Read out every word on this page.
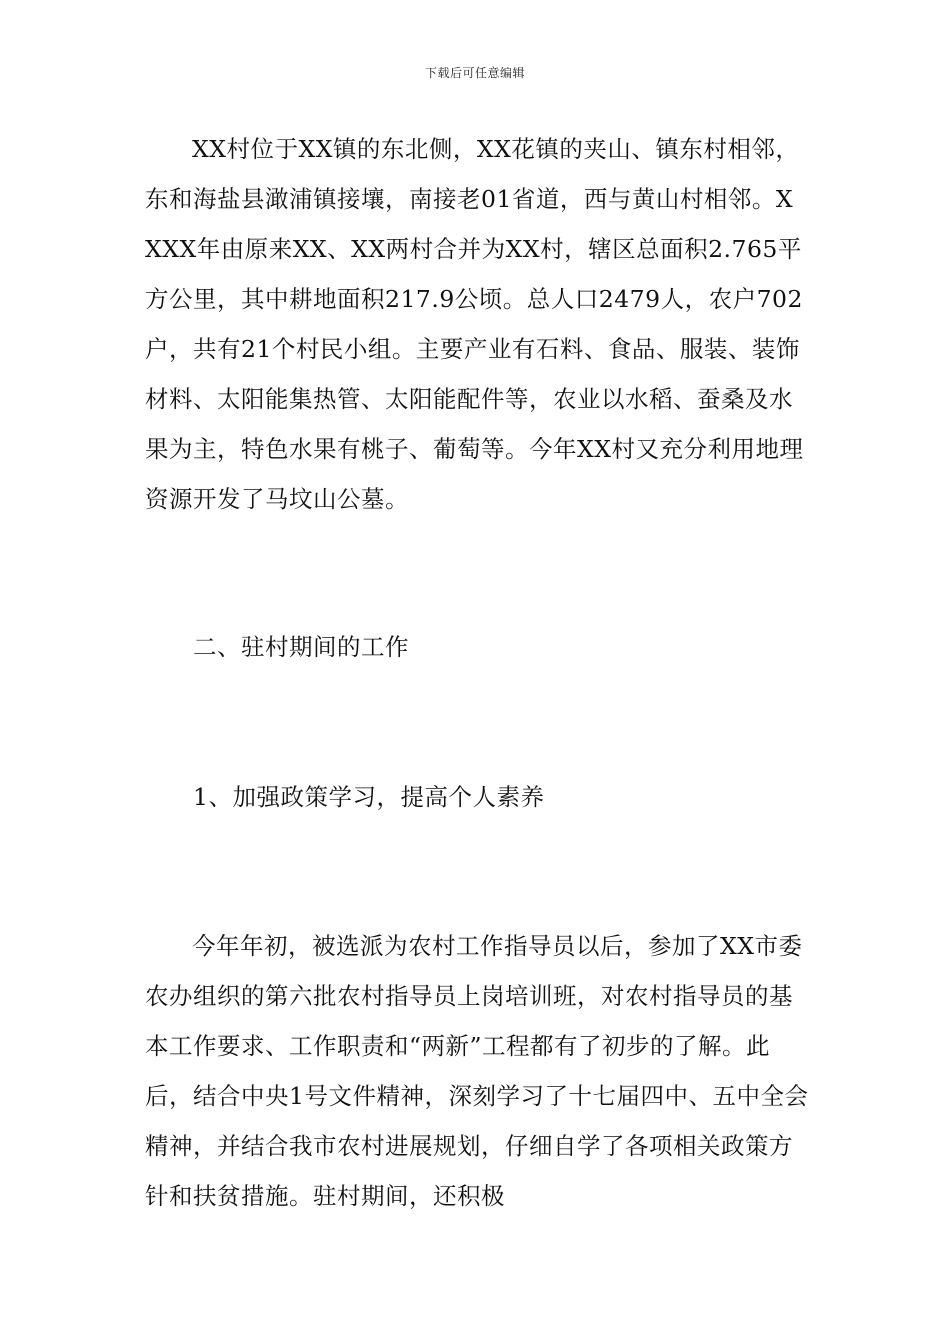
下载后可任意编辑

XX村位于XX镇的东北侧，XX花镇的夹山、镇东村相邻，东和海盐县澉浦镇接壤，南接老01省道，西与黄山村相邻。XXXX年由原来XX、XX两村合并为XX村，辖区总面积2.765平方公里，其中耕地面积217.9公顷。总人口2479人，农户702户，共有21个村民小组。主要产业有石料、食品、服装、装饰材料、太阳能集热管、太阳能配件等，农业以水稻、蚕桑及水果为主，特色水果有桃子、葡萄等。今年XX村又充分利用地理资源开发了马坟山公墓。

二、驻村期间的工作

1、加强政策学习，提高个人素养

今年年初，被选派为农村工作指导员以后，参加了XX市委农办组织的第六批农村指导员上岗培训班，对农村指导员的基本工作要求、工作职责和“两新”工程都有了初步的了解。此后，结合中央1号文件精神，深刻学习了十七届四中、五中全会精神，并结合我市农村进展规划，仔细自学了各项相关政策方针和扶贫措施。驻村期间，还积极
